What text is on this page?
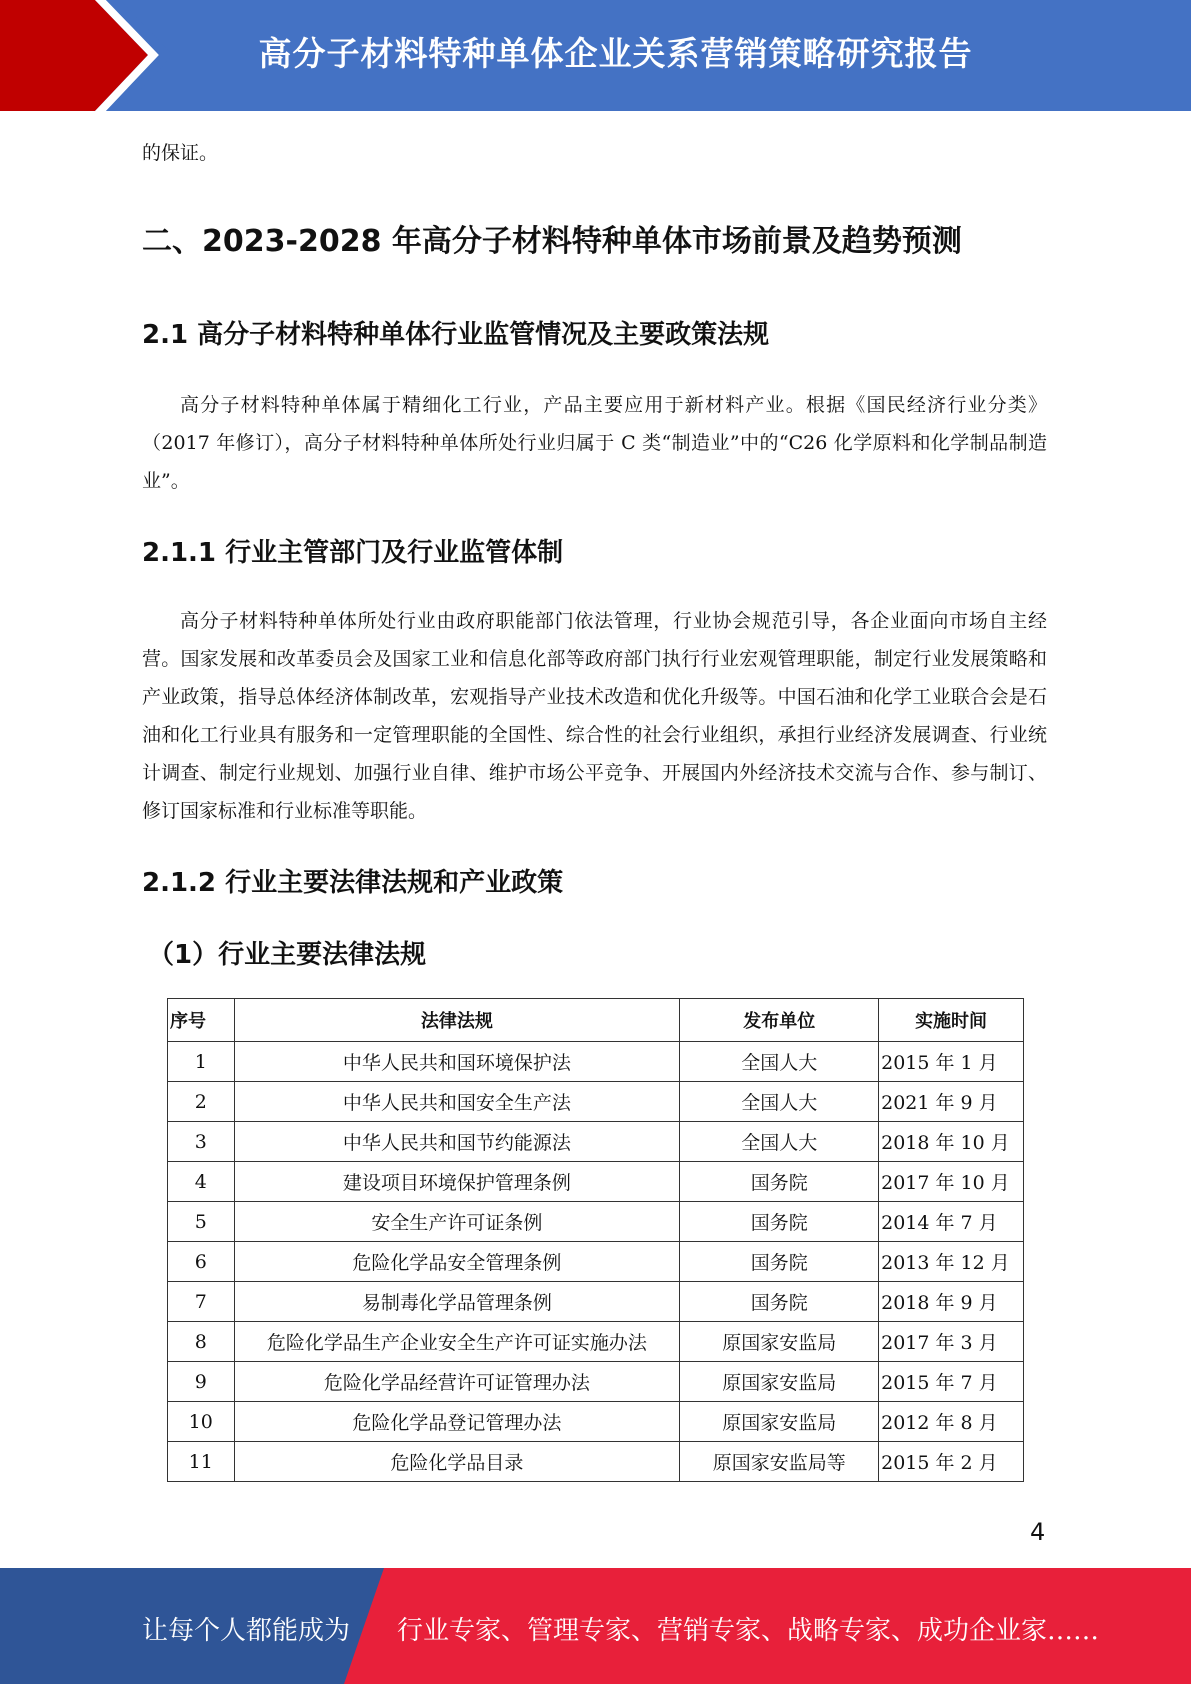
高分子材料特种单体企业关系营销策略研究报告
的保证。
二、2023-2028 年高分子材料特种单体市场前景及趋势预测
2.1 高分子材料特种单体行业监管情况及主要政策法规
高分子材料特种单体属于精细化工行业，产品主要应用于新材料产业。根据《国民经济行业分类》（2017 年修订），高分子材料特种单体所处行业归属于 C 类“制造业”中的“C26 化学原料和化学制品制造业”。
2.1.1 行业主管部门及行业监管体制
高分子材料特种单体所处行业由政府职能部门依法管理，行业协会规范引导，各企业面向市场自主经营。国家发展和改革委员会及国家工业和信息化部等政府部门执行行业宏观管理职能，制定行业发展策略和产业政策，指导总体经济体制改革，宏观指导产业技术改造和优化升级等。中国石油和化学工业联合会是石油和化工行业具有服务和一定管理职能的全国性、综合性的社会行业组织，承担行业经济发展调查、行业统计调查、制定行业规划、加强行业自律、维护市场公平竞争、开展国内外经济技术交流与合作、参与制订、修订国家标准和行业标准等职能。
2.1.2 行业主要法律法规和产业政策
（1）行业主要法律法规
序号	法律法规	发布单位	实施时间
1	中华人民共和国环境保护法	全国人大	2015 年 1 月
2	中华人民共和国安全生产法	全国人大	2021 年 9 月
3	中华人民共和国节约能源法	全国人大	2018 年 10 月
4	建设项目环境保护管理条例	国务院	2017 年 10 月
5	安全生产许可证条例	国务院	2014 年 7 月
6	危险化学品安全管理条例	国务院	2013 年 12 月
7	易制毒化学品管理条例	国务院	2018 年 9 月
8	危险化学品生产企业安全生产许可证实施办法	原国家安监局	2017 年 3 月
9	危险化学品经营许可证管理办法	原国家安监局	2015 年 7 月
10	危险化学品登记管理办法	原国家安监局	2012 年 8 月
11	危险化学品目录	原国家安监局等	2015 年 2 月
4
让每个人都能成为 行业专家、管理专家、营销专家、战略专家、成功企业家……
